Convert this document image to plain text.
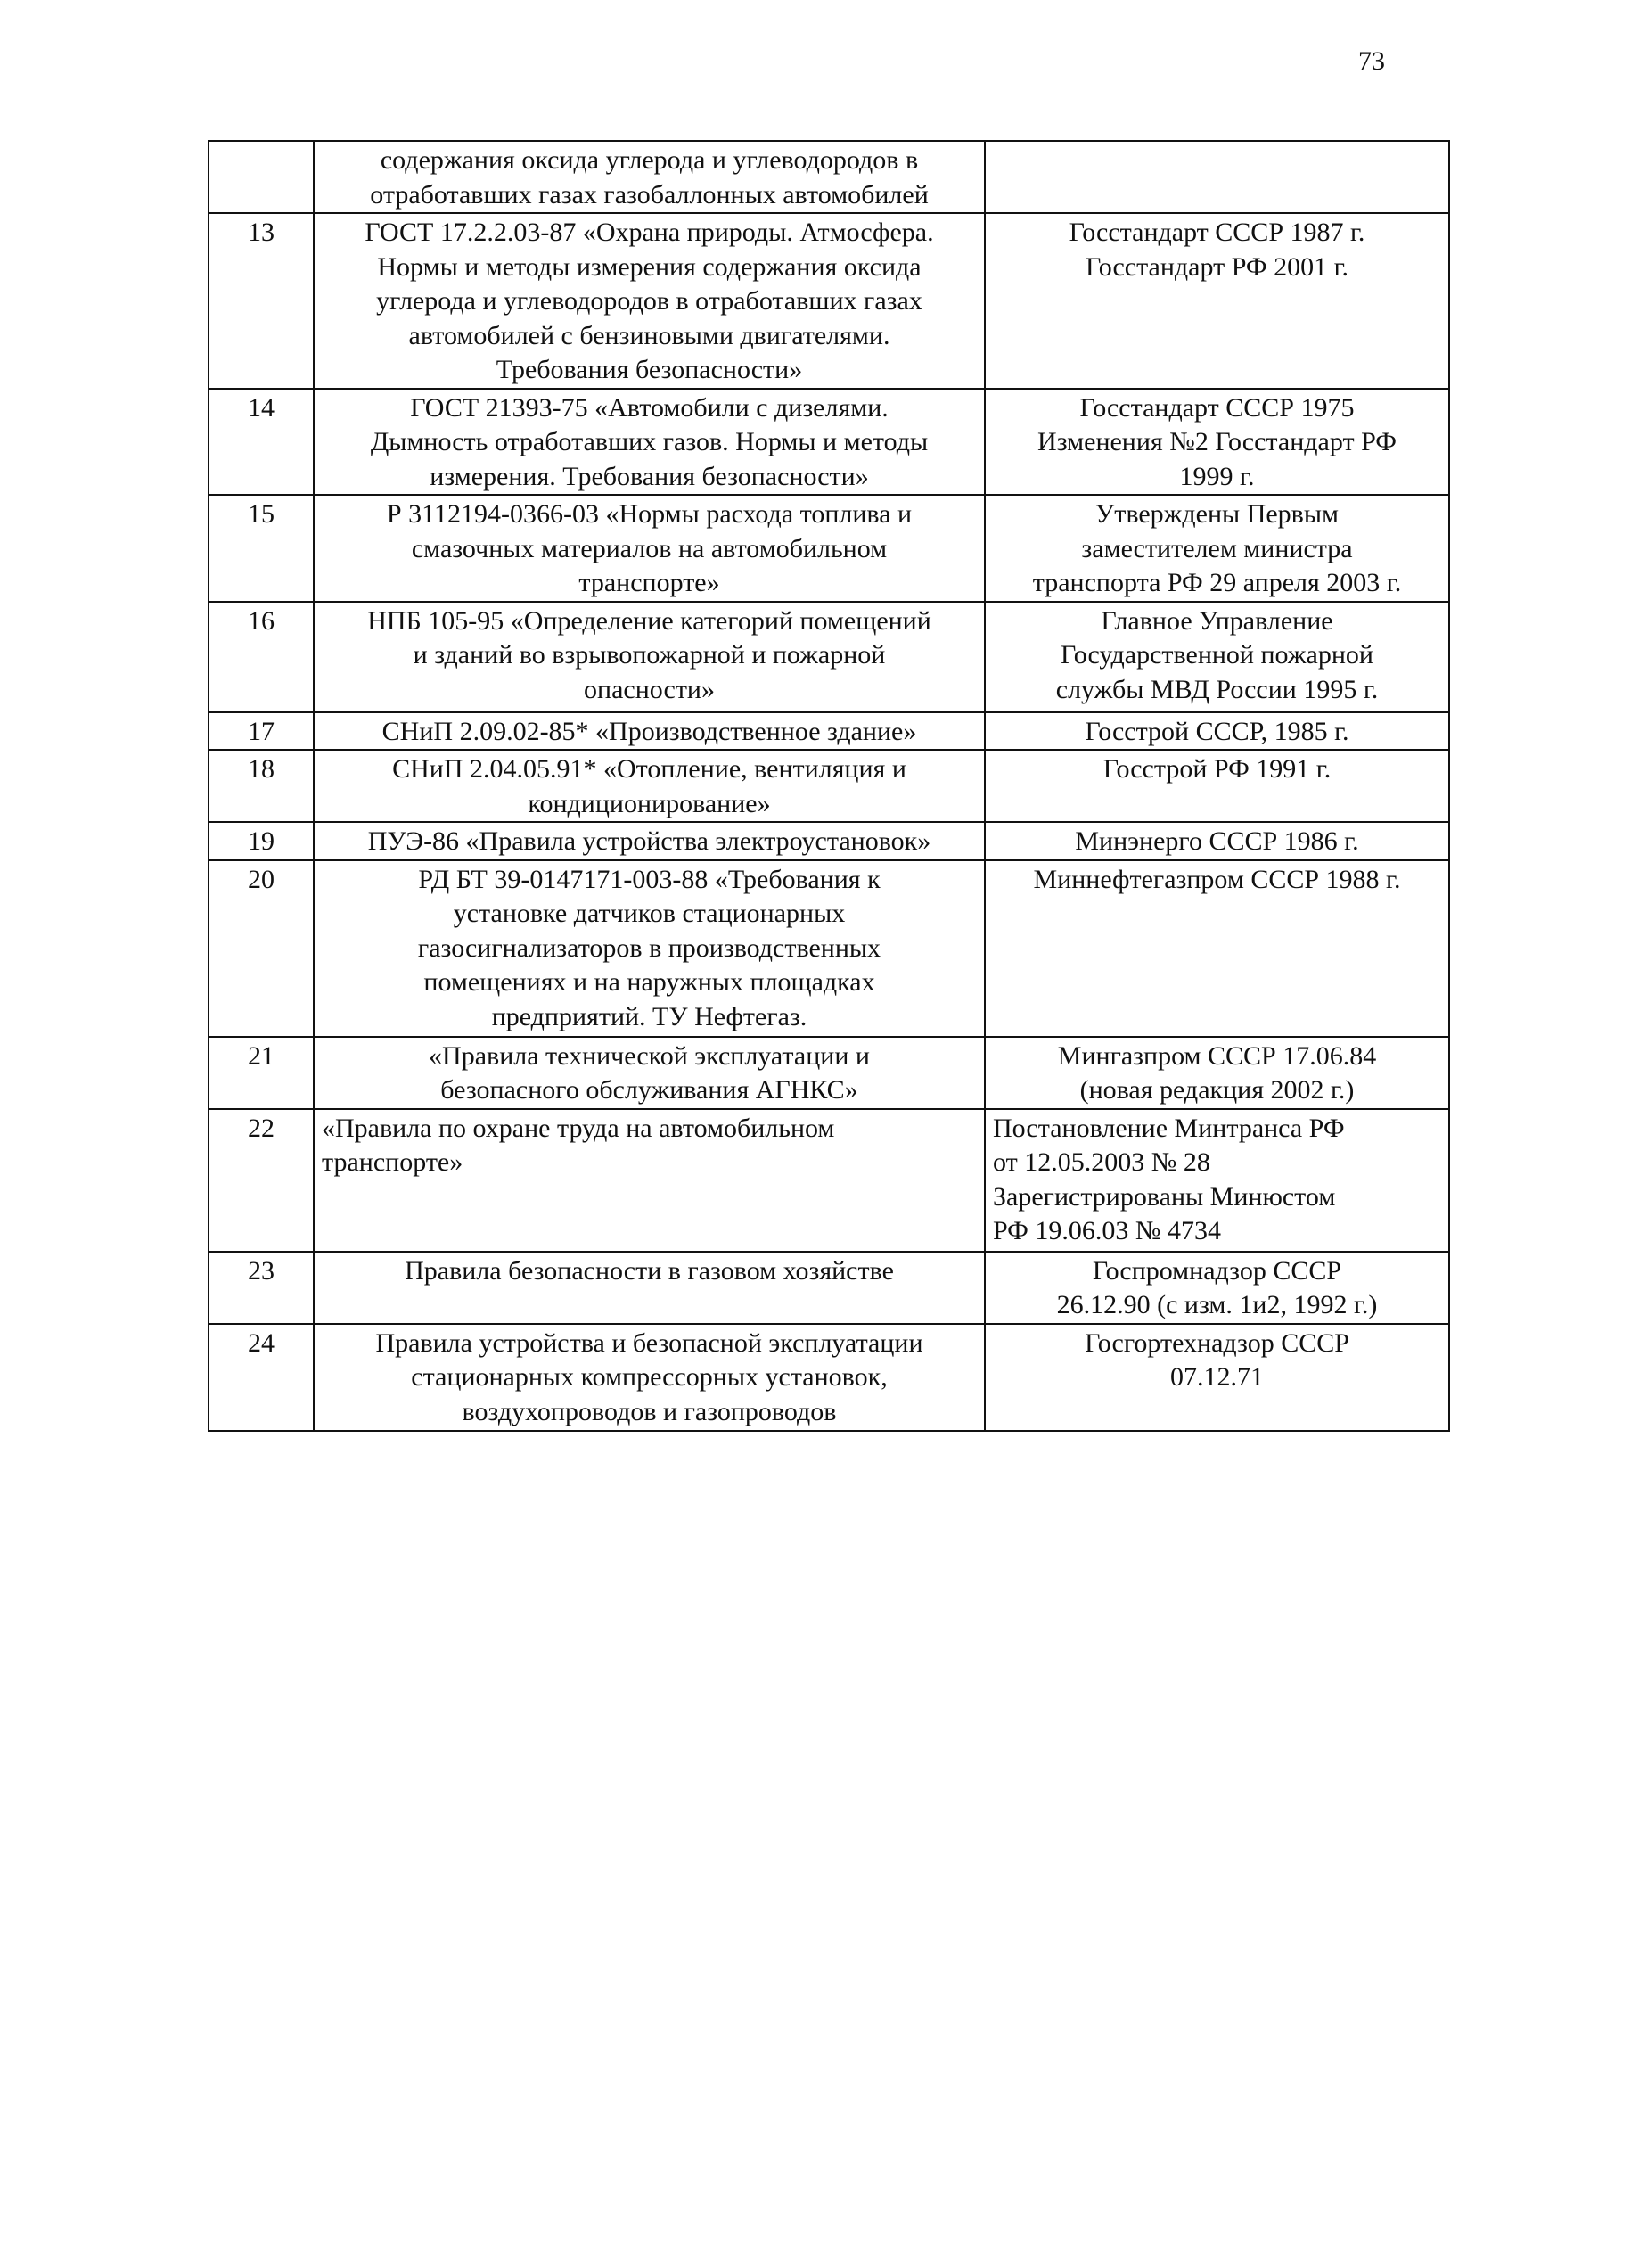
73
	содержания оксида углерода и углеводородов в
отработавших газах газобаллонных автомобилей	
13	ГОСТ 17.2.2.03-87 «Охрана природы. Атмосфера.
Нормы и методы измерения содержания оксида
углерода и углеводородов в отработавших газах
автомобилей с бензиновыми двигателями.
Требования безопасности»	Госстандарт СССР 1987 г.
Госстандарт РФ 2001 г.
14	ГОСТ 21393-75 «Автомобили с дизелями.
Дымность отработавших газов. Нормы и методы
измерения. Требования безопасности»	Госстандарт СССР 1975
Изменения №2 Госстандарт РФ
1999 г.
15	Р 3112194-0366-03 «Нормы расхода топлива и
смазочных материалов на автомобильном
транспорте»	Утверждены Первым
заместителем министра
транспорта РФ 29 апреля 2003 г.
16	НПБ 105-95 «Определение категорий помещений
и зданий во взрывопожарной и пожарной
опасности»	Главное Управление
Государственной пожарной
службы МВД России 1995 г.
17	СНиП 2.09.02-85* «Производственное здание»	Госстрой СССР, 1985 г.
18	СНиП 2.04.05.91* «Отопление, вентиляция и
кондиционирование»	Госстрой РФ 1991 г.
19	ПУЭ-86 «Правила устройства электроустановок»	Минэнерго СССР 1986 г.
20	РД БТ 39-0147171-003-88 «Требования к
установке датчиков стационарных
газосигнализаторов в производственных
помещениях и на наружных площадках
предприятий. ТУ Нефтегаз.	Миннефтегазпром СССР 1988 г.
21	«Правила технической эксплуатации и
безопасного обслуживания АГНКС»	Мингазпром СССР 17.06.84
(новая редакция 2002 г.)
22	«Правила по охране труда на автомобильном
транспорте»	Постановление Минтранса РФ
от 12.05.2003 № 28
Зарегистрированы Минюстом
РФ 19.06.03 № 4734
23	Правила безопасности в газовом хозяйстве	Госпромнадзор СССР
26.12.90 (с изм. 1и2, 1992 г.)
24	Правила устройства и безопасной эксплуатации
стационарных компрессорных установок,
воздухопроводов и газопроводов	Госгортехнадзор СССР
07.12.71
